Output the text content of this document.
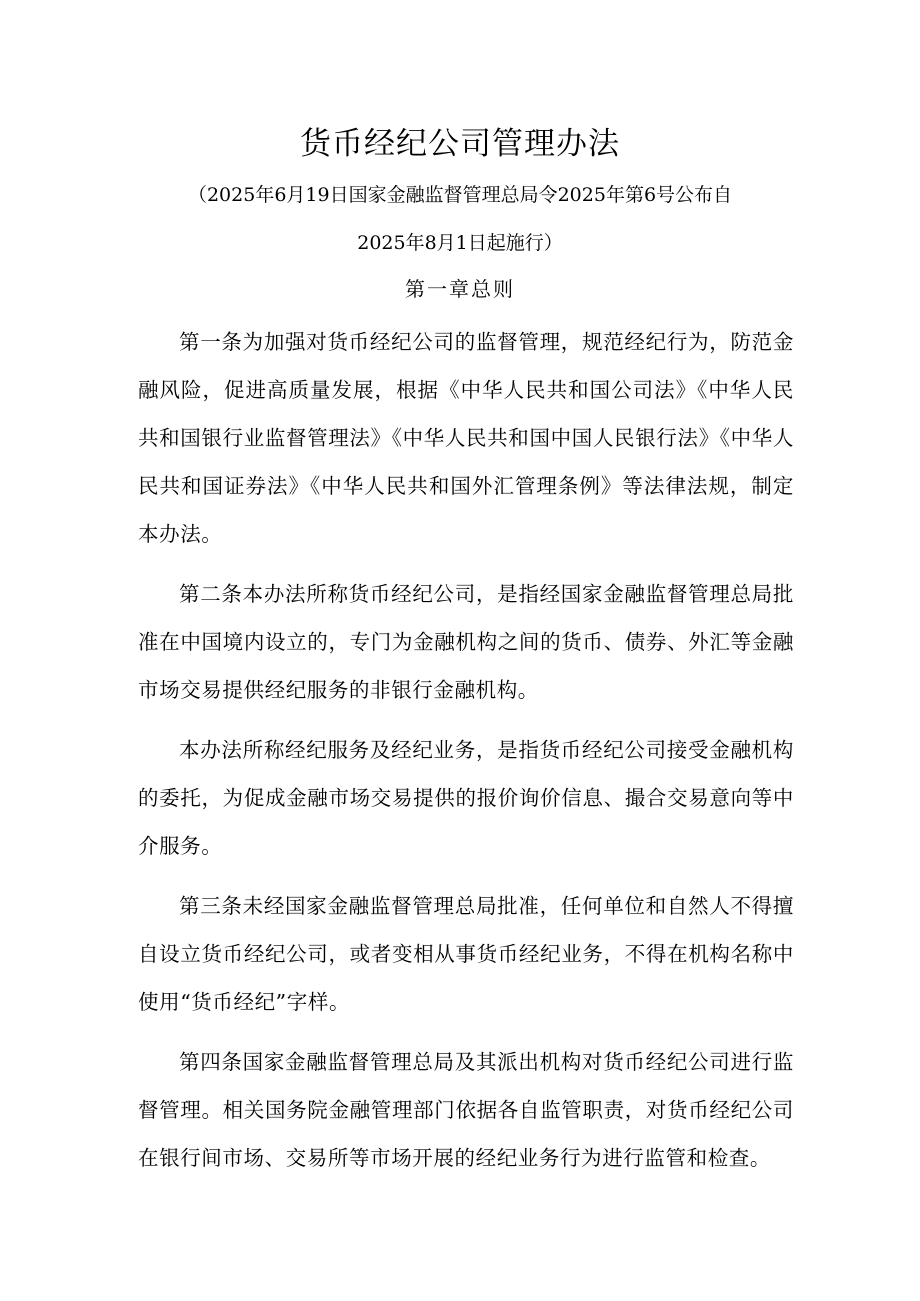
货币经纪公司管理办法
（2025年6月19日国家金融监督管理总局令2025年第6号公布自
2025年8月1日起施行）
第一章总则

第一条为加强对货币经纪公司的监督管理，规范经纪行为，防范金融风险，促进高质量发展，根据《中华人民共和国公司法》《中华人民共和国银行业监督管理法》《中华人民共和国中国人民银行法》《中华人民共和国证券法》《中华人民共和国外汇管理条例》等法律法规，制定本办法。

第二条本办法所称货币经纪公司，是指经国家金融监督管理总局批准在中国境内设立的，专门为金融机构之间的货币、债券、外汇等金融市场交易提供经纪服务的非银行金融机构。

本办法所称经纪服务及经纪业务，是指货币经纪公司接受金融机构的委托，为促成金融市场交易提供的报价询价信息、撮合交易意向等中介服务。

第三条未经国家金融监督管理总局批准，任何单位和自然人不得擅自设立货币经纪公司，或者变相从事货币经纪业务，不得在机构名称中使用“货币经纪”字样。

第四条国家金融监督管理总局及其派出机构对货币经纪公司进行监督管理。相关国务院金融管理部门依据各自监管职责，对货币经纪公司在银行间市场、交易所等市场开展的经纪业务行为进行监管和检查。
